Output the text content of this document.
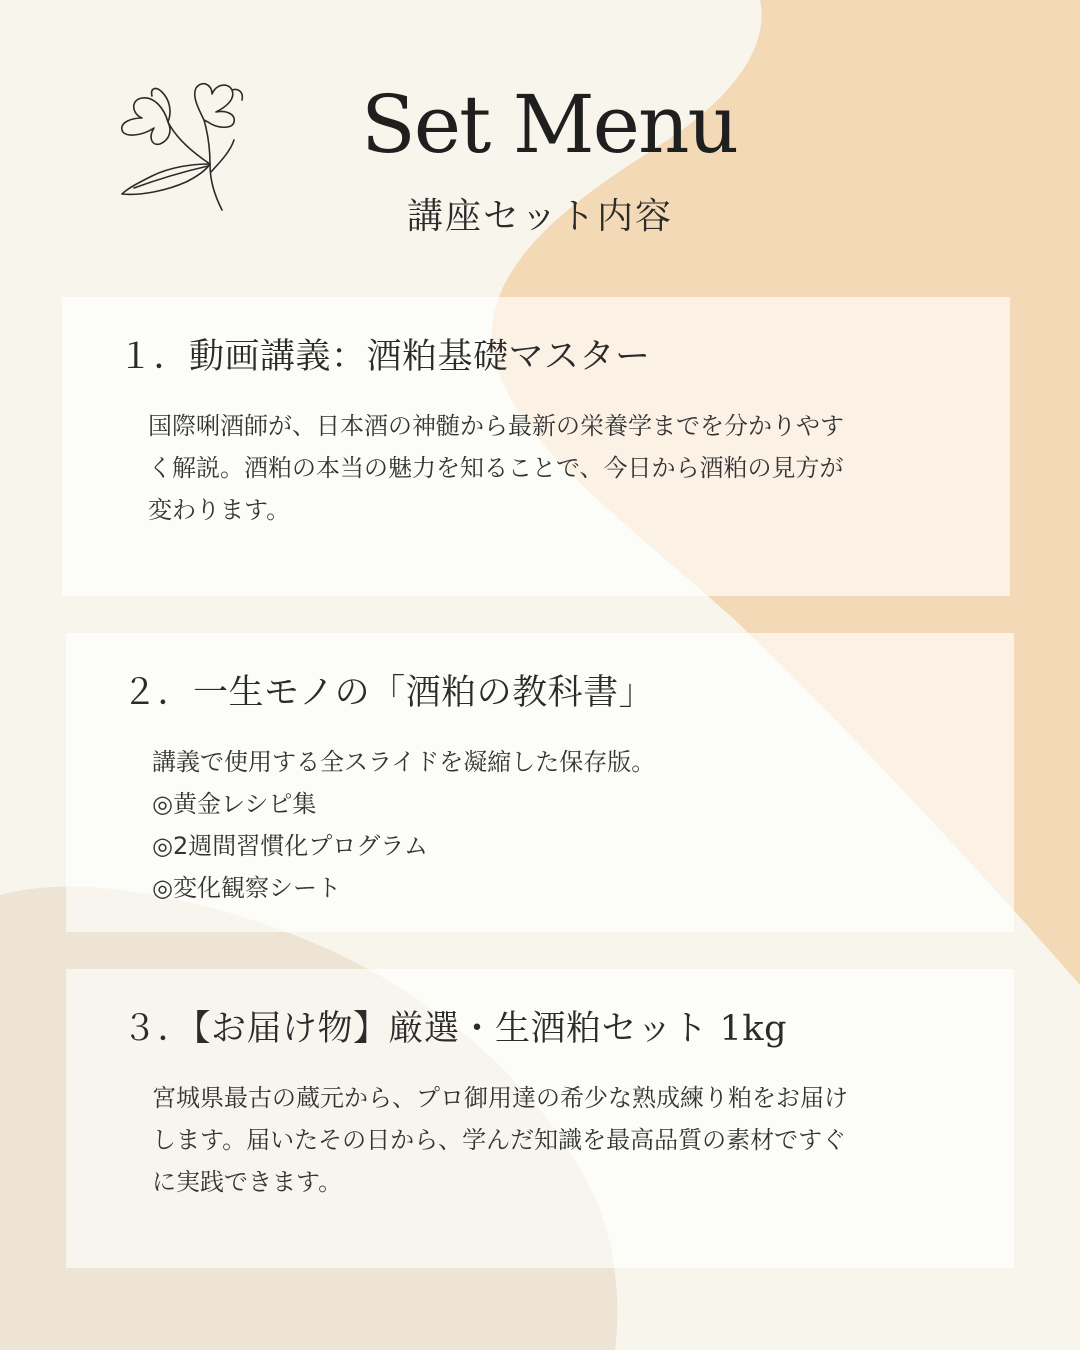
Set Menu
講座セット内容
１．動画講義：酒粕基礎マスター

国際唎酒師が、日本酒の神髄から最新の栄養学までを分かりやす

く解説。酒粕の本当の魅力を知ることで、今日から酒粕の見方が

変わります。

２．一生モノの「酒粕の教科書」

講義で使用する全スライドを凝縮した保存版。

◎黄金レシピ集

◎2週間習慣化プログラム

◎変化観察シート

３．【お届け物】厳選・生酒粕セット 1kg

宮城県最古の蔵元から、プロ御用達の希少な熟成練り粕をお届け

します。届いたその日から、学んだ知識を最高品質の素材ですぐ

に実践できます。
